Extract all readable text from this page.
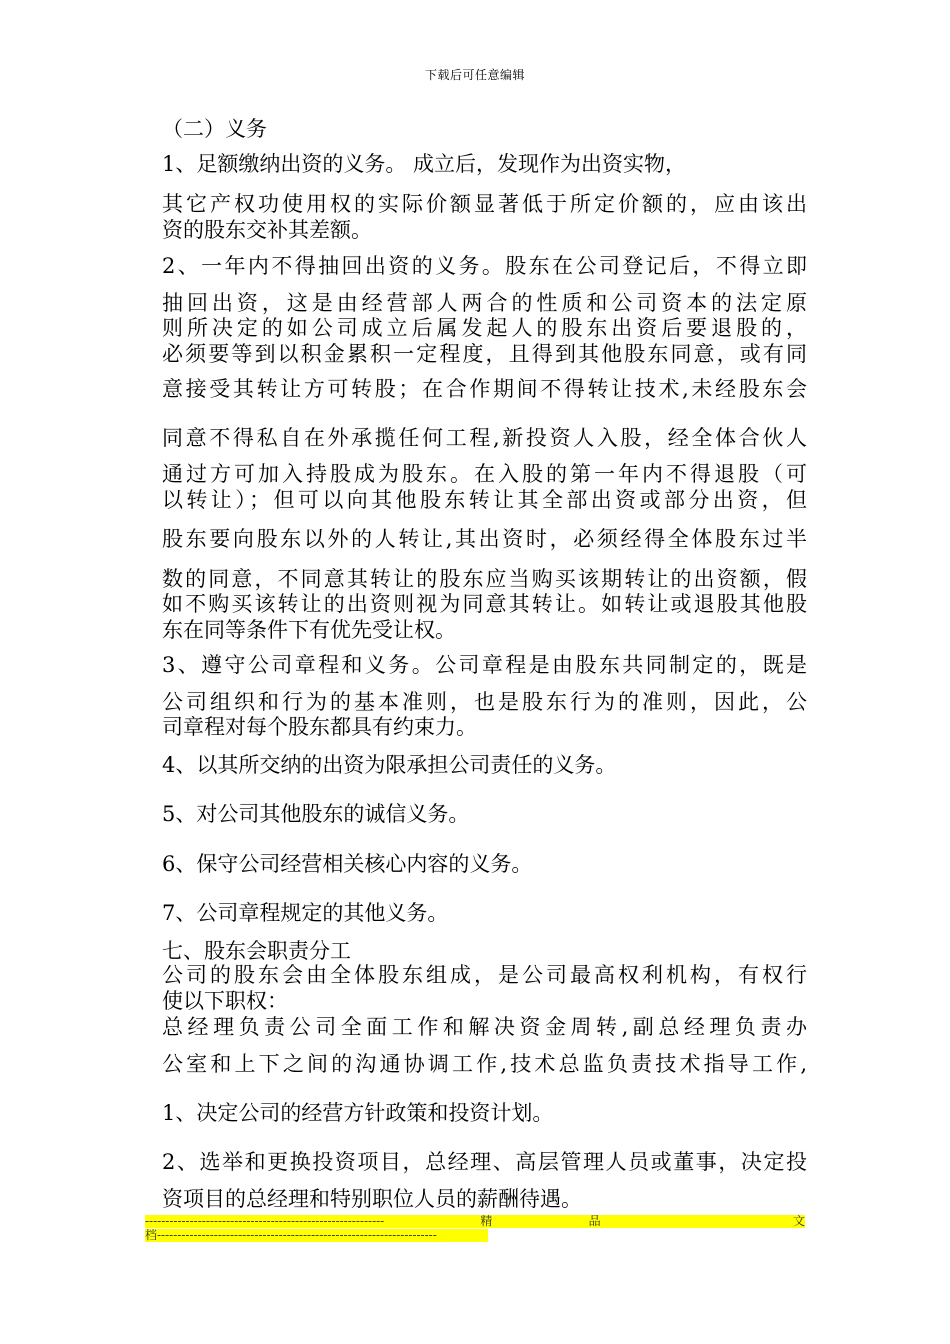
下载后可任意编辑
（二）义务
1、足额缴纳出资的义务。 成立后，发现作为出资实物，
其它产权功使用权的实际价额显著低于所定价额的，应由该出
资的股东交补其差额。
2、一年内不得抽回出资的义务。股东在公司登记后，不得立即
抽回出资，这是由经营部人两合的性质和公司资本的法定原
则所决定的如公司成立后属发起人的股东出资后要退股的，
必须要等到以积金累积一定程度，且得到其他股东同意，或有同
意接受其转让方可转股；在合作期间不得转让技术,未经股东会
同意不得私自在外承揽任何工程,新投资人入股，经全体合伙人
通过方可加入持股成为股东。在入股的第一年内不得退股（可
以转让）；但可以向其他股东转让其全部出资或部分出资，但
股东要向股东以外的人转让,其出资时，必须经得全体股东过半
数的同意，不同意其转让的股东应当购买该期转让的出资额，假
如不购买该转让的出资则视为同意其转让。如转让或退股其他股
东在同等条件下有优先受让权。
3、遵守公司章程和义务。公司章程是由股东共同制定的，既是
公司组织和行为的基本准则，也是股东行为的准则，因此，公
司章程对每个股东都具有约束力。
4、以其所交纳的出资为限承担公司责任的义务。
5、对公司其他股东的诚信义务。
6、保守公司经营相关核心内容的义务。
7、公司章程规定的其他义务。
七、股东会职责分工
公司的股东会由全体股东组成，是公司最高权利机构，有权行
使以下职权：
总经理负责公司全面工作和解决资金周转,副总经理负责办
公室和上下之间的沟通协调工作,技术总监负责技术指导工作,
1、决定公司的经营方针政策和投资计划。
2、选举和更换投资项目，总经理、高层管理人员或董事，决定投
资项目的总经理和特别职位人员的薪酬待遇。
-----------------------------------------------------------	精	品	文
档---------------------------------------------------------------------
